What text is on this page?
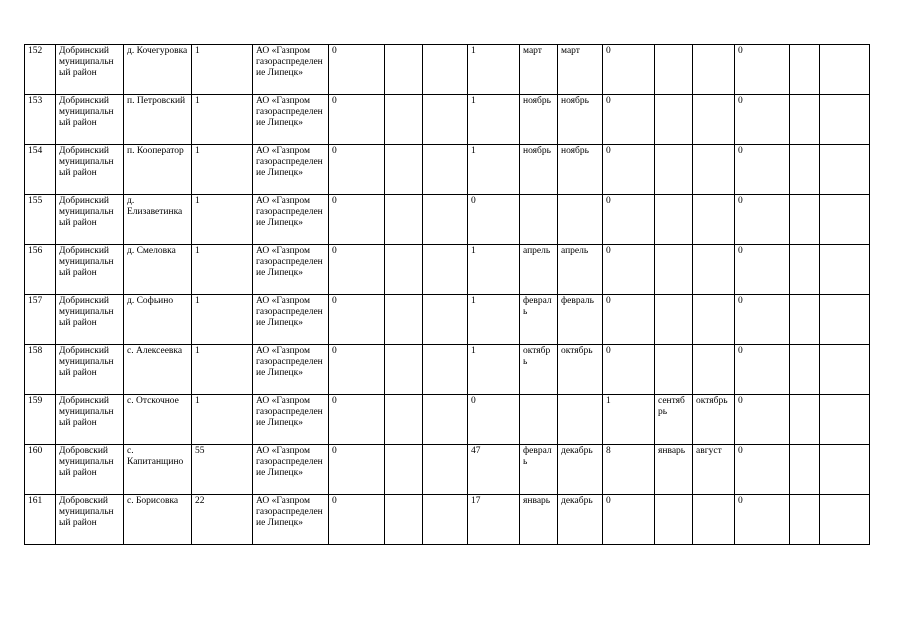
152	Добринский муниципальный район	д. Кочегуровка	1	АО «Газпром газораспределение Липецк»	0			1	март	март	0			0		
153	Добринский муниципальный район	п. Петровский	1	АО «Газпром газораспределение Липецк»	0			1	ноябрь	ноябрь	0			0		
154	Добринский муниципальный район	п. Кооператор	1	АО «Газпром газораспределение Липецк»	0			1	ноябрь	ноябрь	0			0		
155	Добринский муниципальный район	д. Елизаветинка	1	АО «Газпром газораспределение Липецк»	0			0			0			0		
156	Добринский муниципальный район	д. Смеловка	1	АО «Газпром газораспределение Липецк»	0			1	апрель	апрель	0			0		
157	Добринский муниципальный район	д. Софьино	1	АО «Газпром газораспределение Липецк»	0			1	февраль	февраль	0			0		
158	Добринский муниципальный район	с. Алексеевка	1	АО «Газпром газораспределение Липецк»	0			1	октябрь	октябрь	0			0		
159	Добринский муниципальный район	с. Отскочное	1	АО «Газпром газораспределение Липецк»	0			0			1	сентябрь	октябрь	0		
160	Добровский муниципальный район	с. Капитанщино	55	АО «Газпром газораспределение Липецк»	0			47	февраль	декабрь	8	январь	август	0		
161	Добровский муниципальный район	с. Борисовка	22	АО «Газпром газораспределение Липецк»	0			17	январь	декабрь	0			0		
